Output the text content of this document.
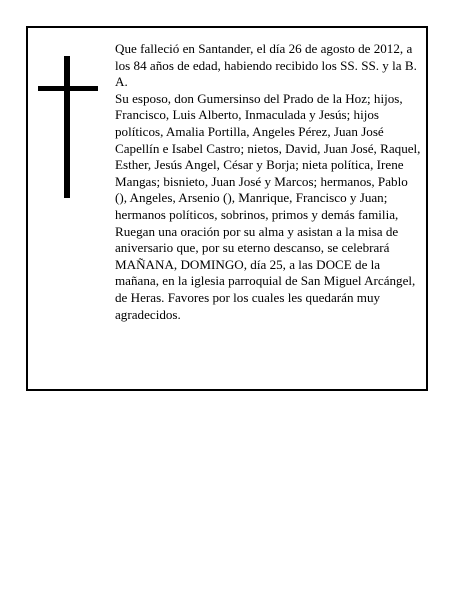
Que falleció en Santander, el día 26 de agosto de 2012, a los 84 años de edad, habiendo recibido los SS. SS. y la B. A.

Su esposo, don Gumersinso del Prado de la Hoz; hijos, Francisco, Luis Alberto, Inmaculada y Jesús; hijos políticos, Amalia Portilla, Angeles Pérez, Juan José Capellín e Isabel Castro; nietos, David, Juan José, Raquel, Esther, Jesús Angel, César y Borja; nieta política, Irene Mangas; bisnieto, Juan José y Marcos; hermanos, Pablo (), Angeles, Arsenio (), Manrique, Francisco y Juan; hermanos políticos, sobrinos, primos y demás familia,

Ruegan una oración por su alma y asistan a la misa de aniversario que, por su eterno descanso, se celebrará MAÑANA, DOMINGO, día 25, a las DOCE de la mañana, en la iglesia parroquial de San Miguel Arcángel, de Heras. Favores por los cuales les quedarán muy agradecidos.
